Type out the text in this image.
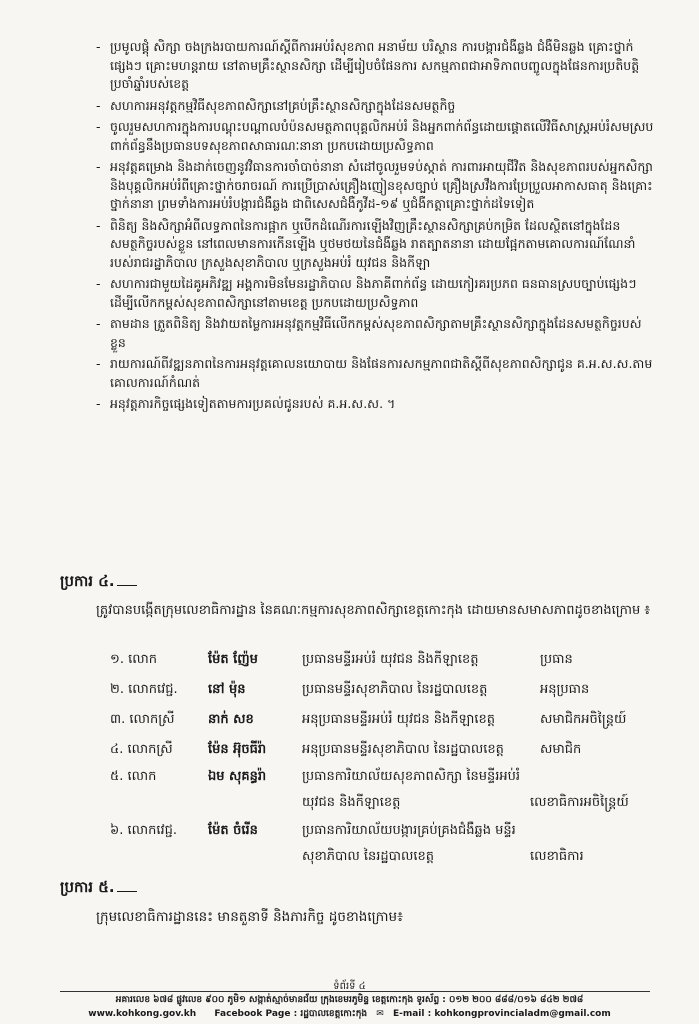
- ប្រមូលផ្តុំ សិក្សា ចងក្រងរបាយការណ៍ស្ដីពីការអប់រំសុខភាព អនាម័យ បរិស្ថាន ការបង្ការជំងឺឆ្លង ជំងឺមិនឆ្លង គ្រោះថ្នាក់ផ្សេងៗ គ្រោះមហន្តរាយ នៅតាមគ្រឹះស្ថានសិក្សា ដើម្បីរៀបចំផែនការ សកម្មភាពជាអាទិភាពបញ្ចូលក្នុងផែនការប្រតិបត្តិប្រចាំឆ្នាំរបស់ខេត្ត
- សហការអនុវត្តកម្មវិធីសុខភាពសិក្សានៅគ្រប់គ្រឹះស្ថានសិក្សាក្នុងដែនសមត្ថកិច្ច
- ចូលរួមសហការក្នុងការបណ្តុះបណ្តាលបំប៉នសមត្ថភាពបុគ្គលិកអប់រំ និងអ្នកពាក់ព័ន្ធដោយផ្តោតលើវិធីសាស្ត្រអប់រំសមស្របពាក់ព័ន្ធនឹងប្រធានបទសុខភាពសាធារណៈនានា ប្រកបដោយប្រសិទ្ធភាព
- អនុវត្តគម្រោង និងដាក់ចេញនូវវិធានការចាំបាច់នានា សំដៅចូលរួមទប់ស្កាត់ ការពារអាយុជីវិត និងសុខភាពរបស់អ្នកសិក្សានិងបុគ្គលិកអប់រំពីគ្រោះថ្នាក់ចរាចរណ៍ ការប្រើប្រាស់គ្រឿងញៀនខុសច្បាប់ គ្រឿងស្រវឹងការប្រែប្រួលអាកាសធាតុ និងគ្រោះថ្នាក់នានា ព្រមទាំងការអប់រំបង្ការជំងឺឆ្លង ជាពិសេសជំងឺកូវីដ-១៩ ឬជំងឺកត្តាគ្រោះថ្នាក់ដទៃទៀត
- ពិនិត្យ និងសិក្សាអំពីលទ្ធភាពនៃការផ្អាក ឬបើកដំណើរការឡើងវិញគ្រឹះស្ថានសិក្សាគ្រប់កម្រិត ដែលស្ថិតនៅក្នុងដែនសមត្ថកិច្ចរបស់ខ្លួន នៅពេលមានការកើនឡើង ឬថមថយនៃជំងឺឆ្លង រាតត្បាតនានា ដោយផ្អែកតាមគោលការណ៍ណែនាំរបស់រាជរដ្ឋាភិបាល ក្រសួងសុខាភិបាល ឬក្រសួងអប់រំ យុវជន និងកីឡា
- សហការជាមួយដៃគូអភិវឌ្ឍ អង្គការមិនមែនរដ្ឋាភិបាល និងភាគីពាក់ព័ន្ធ ដោយកៀរគរប្រភព ធនធានស្របច្បាប់ផ្សេងៗ ដើម្បីលើកកម្ពស់សុខភាពសិក្សានៅតាមខេត្ត ប្រកបដោយប្រសិទ្ធភាព
- តាមដាន ត្រួតពិនិត្យ និងវាយតម្លៃការអនុវត្តកម្មវិធីលើកកម្ពស់សុខភាពសិក្សាតាមគ្រឹះស្ថានសិក្សាក្នុងដែនសមត្ថកិច្ចរបស់ខ្លួន
- រាយការណ៍ពីវឌ្ឍនភាពនៃការអនុវត្តគោលនយោបាយ និងផែនការសកម្មភាពជាតិស្ដីពីសុខភាពសិក្សាជូន គ.អ.ស.ស.តាមគោលការណ៍កំណត់
- អនុវត្តភារកិច្ចផ្សេងទៀតតាមការប្រគល់ជូនរបស់ គ.អ.ស.ស. ។
ប្រការ ៤.
ត្រូវបានបង្កើតក្រុមលេខាធិការដ្ឋាន នៃគណៈកម្មការសុខភាពសិក្សាខេត្តកោះកុង ដោយមានសមាសភាពដូចខាងក្រោម ៖
១. លោក	ម៉ែត ញ៉ែម	ប្រធានមន្ទីរអប់រំ យុវជន និងកីឡាខេត្ត	ប្រធាន
២. លោកវេជ្ជ. នៅ ម៉ុន	ប្រធានមន្ទីរសុខាភិបាល នៃរដ្ឋបាលខេត្ត	អនុប្រធាន
៣. លោកស្រី	នាក់ សខ	អនុប្រធានមន្ទីរអប់រំ យុវជន និងកីឡាខេត្ត	សមាជិកអចិន្ត្រៃយ៍
៤. លោកស្រី	ម៉ែន អ៊ុចធីរ៉ា	អនុប្រធានមន្ទីរសុខាភិបាល នៃរដ្ឋបាលខេត្ត	សមាជិក
៥. លោក	ឯម សុគន្ធរ៉ា	ប្រធានការិយាល័យសុខភាពសិក្សា នៃមន្ទីរអប់រំ
យុវជន និងកីឡាខេត្ត	លេខាធិការអចិន្ត្រៃយ៍
៦. លោកវេជ្ជ. ម៉ែត ចំរើន	ប្រធានការិយាល័យបង្ការគ្រប់គ្រងជំងឺឆ្លង មន្ទីរ
សុខាភិបាល នៃរដ្ឋបាលខេត្ត	លេខាធិការ
ប្រការ ៥.
ក្រុមលេខាធិការដ្ឋាននេះ មានតួនាទី និងភារកិច្ច ដូចខាងក្រោម៖
ទំព័រទី ៤
អគារលេខ ៦៧៨ ផ្លូវលេខ ៩០០ ភូមិ១ សង្កាត់ស្មាច់មានជ័យ ក្រុងខេមរភូមិន្ទ ខេត្តកោះកុង ទូរស័ព្ទ : ០១២ ២០០ ៨៨៨/០១៦ ៨៤២ ២៧៨
www.kohkong.gov.kh Facebook Page : រដ្ឋបាលខេត្តកោះកុង ✉ E-mail : kohkongprovincialadm@gmail.com
